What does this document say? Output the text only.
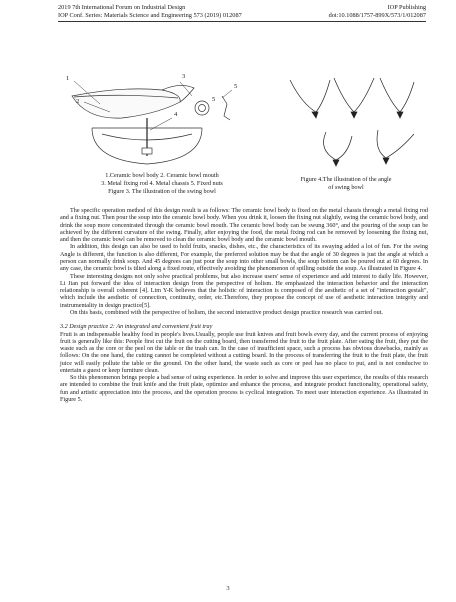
2019 7th International Forum on Industrial Design	IOP Publishing
IOP Conf. Series: Materials Science and Engineering 573 (2019) 012087	doi:10.1088/1757-899X/573/1/012087
1
2
3
4
5
5
1.Ceramic bowl body 2. Ceramic bowl mouth
3. Metal fixing rod 4. Metal chassis 5. Fixed nuts
Figure 3. The illustration of the swing bowl
Figure 4.The illustration of the angle
of swing bowl

The specific operation method of this design result is as follows: The ceramic bowl body is fixed on the metal chassis through a metal fixing rod and a fixing nut. Then pour the soup into the ceramic bowl body. When you drink it, loosen the fixing nut slightly, swing the ceramic bowl body, and drink the soup more concentrated through the ceramic bowl mouth. The ceramic bowl body can be swung 360°, and the pouring of the soup can be achieved by the different curvature of the swing. Finally, after enjoying the food, the metal fixing rod can be removed by loosening the fixing nut, and then the ceramic bowl can be removed to clean the ceramic bowl body and the ceramic bowl mouth.

In addition, this design can also be used to hold fruits, snacks, dishes, etc., the characteristics of its swaying added a lot of fun. For the swing Angle is different, the function is also different, For example, the preferred solution may be that the angle of 30 degrees is just the angle at which a person can normally drink soup. And 45 degrees can just pour the soup into other small bowls, the soup bottom can be poured out at 60 degrees. In any case, the ceramic bowl is tilted along a fixed route, effectively avoiding the phenomenon of spilling outside the soup. As illustrated in Figure 4.

These interesting designs not only solve practical problems, but also increase users' sense of experience and add interest to daily life. However, Li Jian put forward the idea of interaction design from the perspective of holism. He emphasized the interaction behavior and the interaction relationship is overall coherent [4]. Lim Y-K believes that the holistic of interaction is composed of the aesthetic of a set of "interaction gestalt", which include the aesthetic of connection, continuity, order, etc.Therefore, they propose the concept of use of aesthetic interaction integrity and instrumentality in design practice[5].

On this basis, combined with the perspective of holism, the second interactive product design practice research was carried out.

3.2 Design practice 2: An integrated and convenient fruit tray

Fruit is an indispensable healthy food in people's lives.Usually, people use fruit knives and fruit bowls every day, and the current process of enjoying fruit is generally like this: People first cut the fruit on the cutting board, then transferred the fruit to the fruit plate. After eating the fruit, they put the waste such as the core or the peel on the table or the trash can. In the case of insufficient space, such a process has obvious drawbacks, mainly as follows: On the one hand, the cutting cannot be completed without a cutting board. In the process of transferring the fruit to the fruit plate, the fruit juice will easily pollute the table or the ground. On the other hand, the waste such as core or peel has no place to put, and is not conducive to entertain a guest or keep furniture clean.

So this phenomenon brings people a bad sense of using experience. In order to solve and improve this user experience, the results of this research are intended to combine the fruit knife and the fruit plate, optimize and enhance the process, and integrate product functionality, operational safety, fun and artistic appreciation into the process, and the operation process is cyclical integration. To meet user interaction experience. As illustrated in Figure 5.

3
